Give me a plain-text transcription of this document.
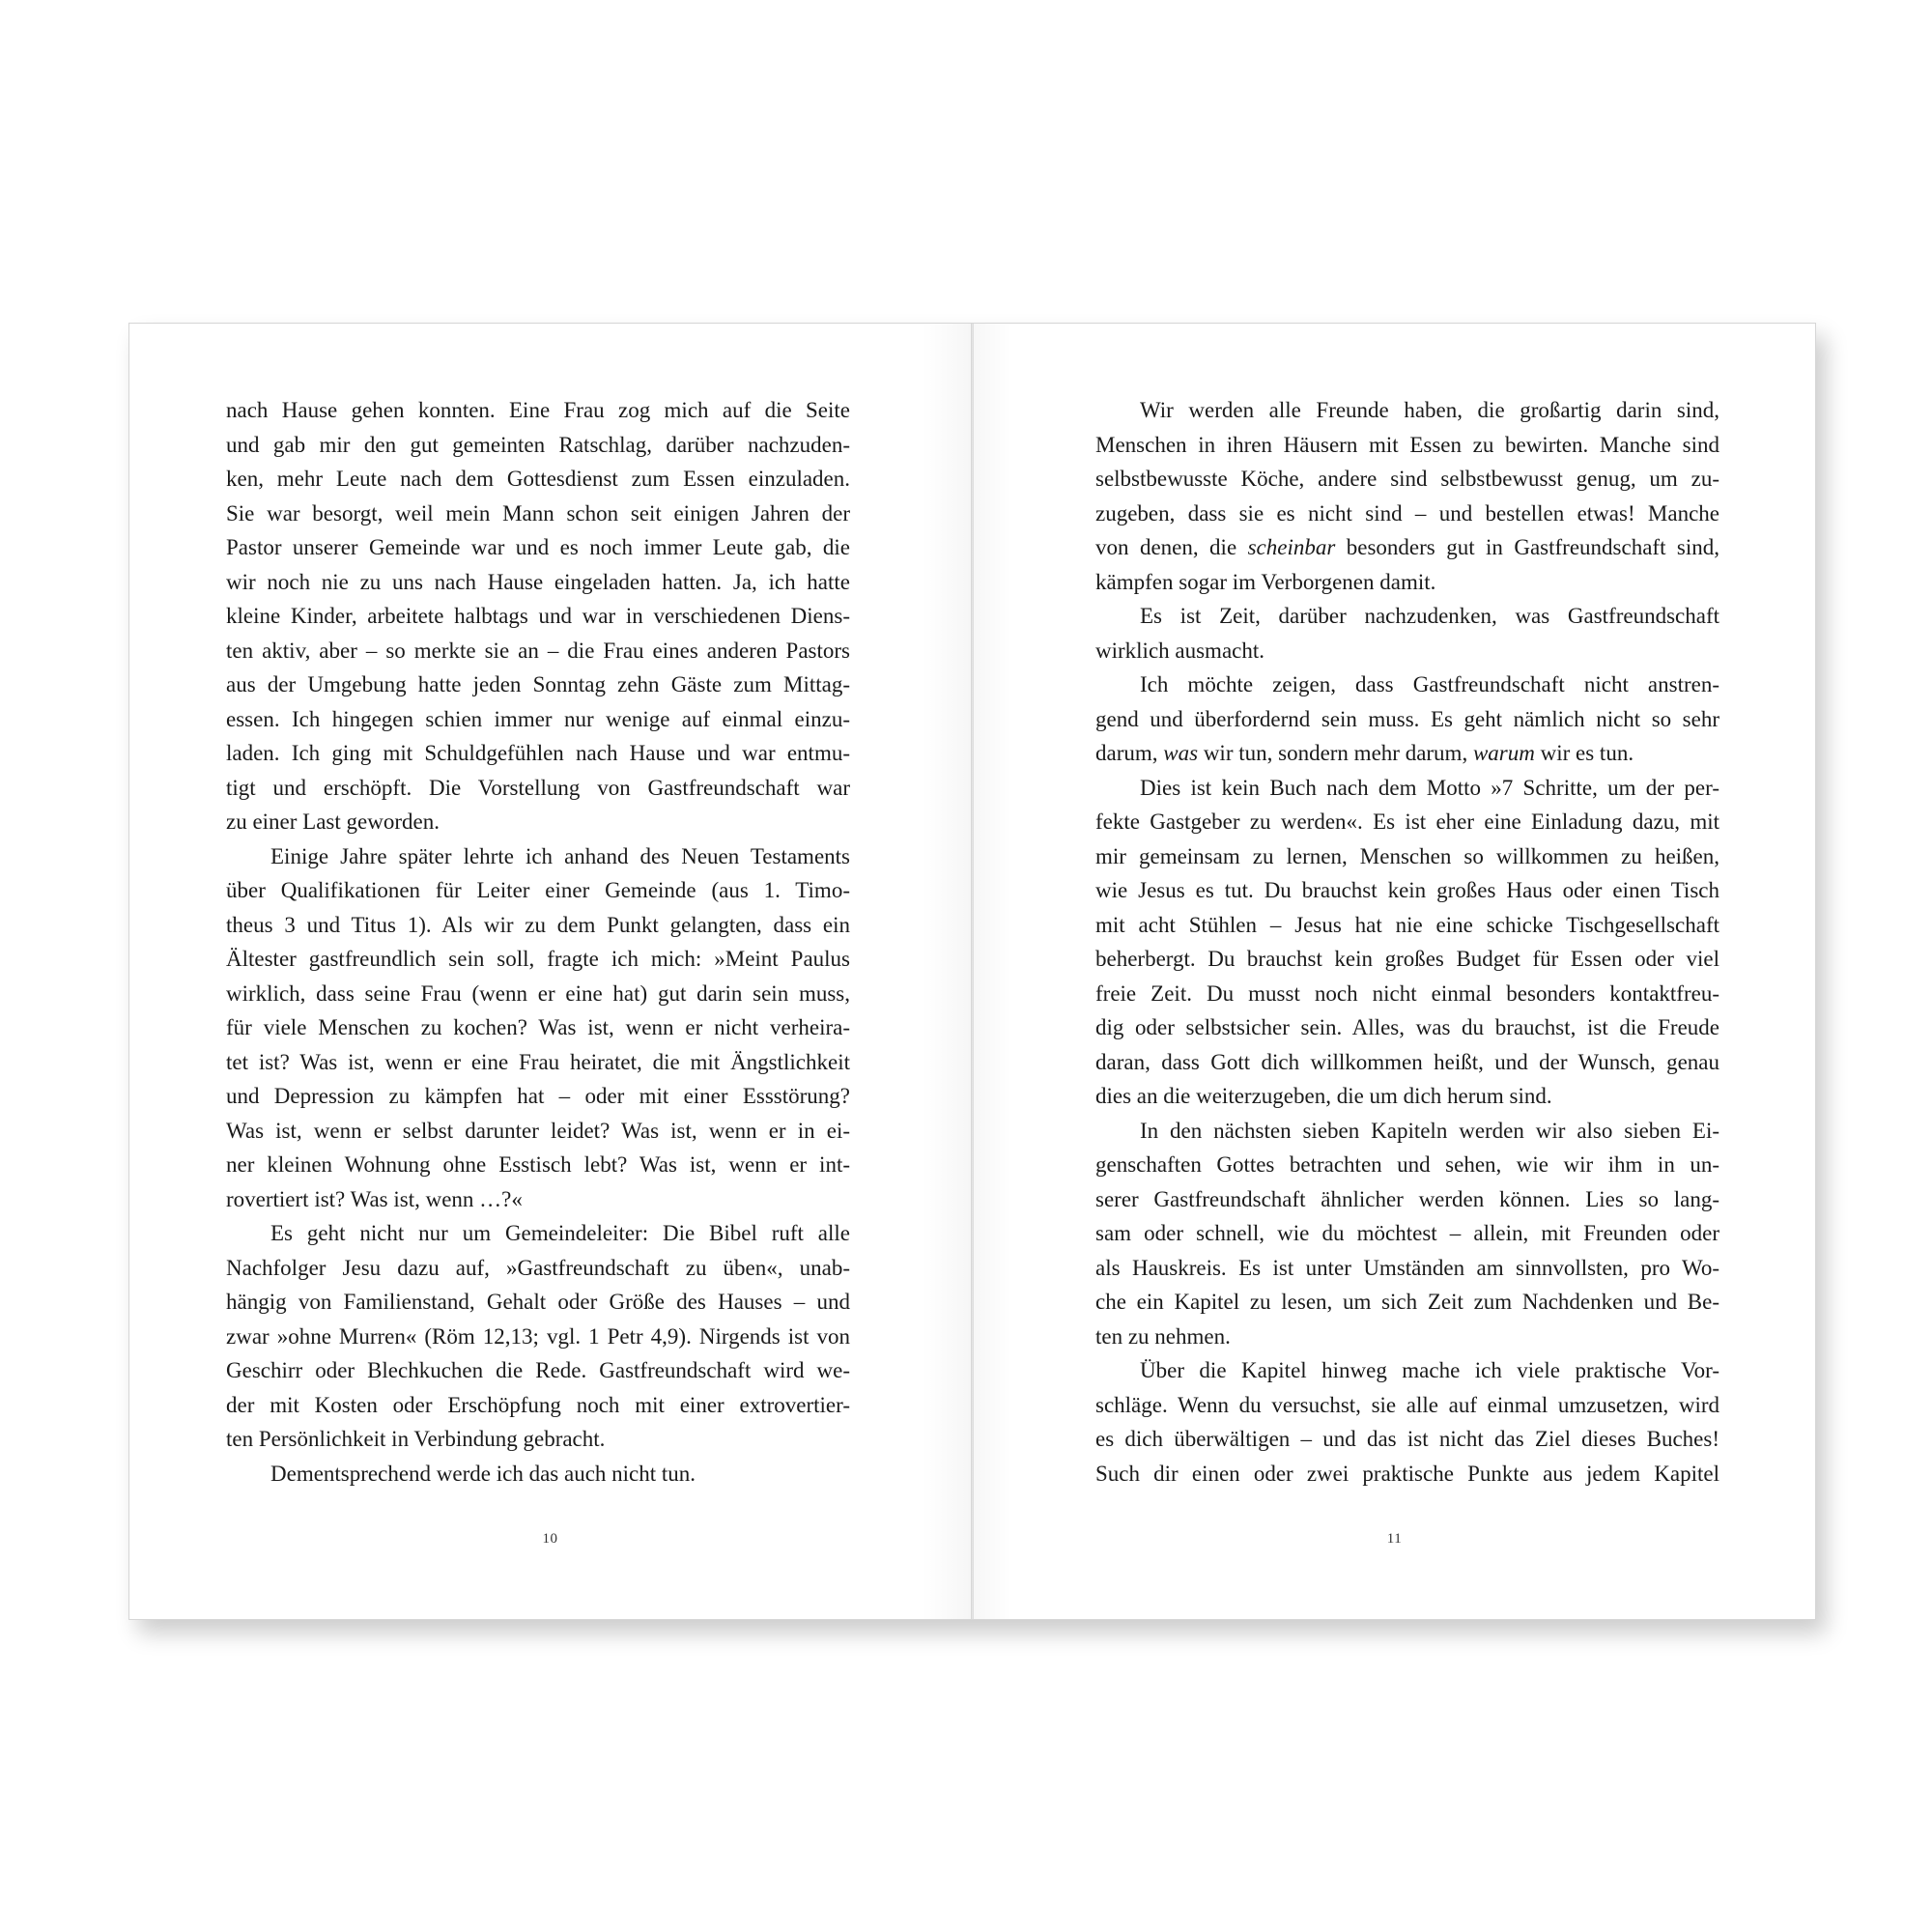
nach Hause gehen konnten. Eine Frau zog mich auf die Seite
und gab mir den gut gemeinten Ratschlag, darüber nachzuden-
ken, mehr Leute nach dem Gottesdienst zum Essen einzuladen.
Sie war besorgt, weil mein Mann schon seit einigen Jahren der
Pastor unserer Gemeinde war und es noch immer Leute gab, die
wir noch nie zu uns nach Hause eingeladen hatten. Ja, ich hatte
kleine Kinder, arbeitete halbtags und war in verschiedenen Diens-
ten aktiv, aber – so merkte sie an – die Frau eines anderen Pastors
aus der Umgebung hatte jeden Sonntag zehn Gäste zum Mittag-
essen. Ich hingegen schien immer nur wenige auf einmal einzu-
laden. Ich ging mit Schuldgefühlen nach Hause und war entmu-
tigt und erschöpft. Die Vorstellung von Gastfreundschaft war
zu einer Last geworden.
Einige Jahre später lehrte ich anhand des Neuen Testaments
über Qualifikationen für Leiter einer Gemeinde (aus 1. Timo-
theus 3 und Titus 1). Als wir zu dem Punkt gelangten, dass ein
Ältester gastfreundlich sein soll, fragte ich mich: »Meint Paulus
wirklich, dass seine Frau (wenn er eine hat) gut darin sein muss,
für viele Menschen zu kochen? Was ist, wenn er nicht verheira-
tet ist? Was ist, wenn er eine Frau heiratet, die mit Ängstlichkeit
und Depression zu kämpfen hat – oder mit einer Essstörung?
Was ist, wenn er selbst darunter leidet? Was ist, wenn er in ei-
ner kleinen Wohnung ohne Esstisch lebt? Was ist, wenn er int-
rovertiert ist? Was ist, wenn …?«
Es geht nicht nur um Gemeindeleiter: Die Bibel ruft alle
Nachfolger Jesu dazu auf, »Gastfreundschaft zu üben«, unab-
hängig von Familienstand, Gehalt oder Größe des Hauses – und
zwar »ohne Murren« (Röm 12,13; vgl. 1 Petr 4,9). Nirgends ist von
Geschirr oder Blechkuchen die Rede. Gastfreundschaft wird we-
der mit Kosten oder Erschöpfung noch mit einer extrovertier-
ten Persönlichkeit in Verbindung gebracht.
Dementsprechend werde ich das auch nicht tun.
10
Wir werden alle Freunde haben, die großartig darin sind,
Menschen in ihren Häusern mit Essen zu bewirten. Manche sind
selbstbewusste Köche, andere sind selbstbewusst genug, um zu-
zugeben, dass sie es nicht sind – und bestellen etwas! Manche
von denen, die scheinbar besonders gut in Gastfreundschaft sind,
kämpfen sogar im Verborgenen damit.
Es ist Zeit, darüber nachzudenken, was Gastfreundschaft
wirklich ausmacht.
Ich möchte zeigen, dass Gastfreundschaft nicht anstren-
gend und überfordernd sein muss. Es geht nämlich nicht so sehr
darum, was wir tun, sondern mehr darum, warum wir es tun.
Dies ist kein Buch nach dem Motto »7 Schritte, um der per-
fekte Gastgeber zu werden«. Es ist eher eine Einladung dazu, mit
mir gemeinsam zu lernen, Menschen so willkommen zu heißen,
wie Jesus es tut. Du brauchst kein großes Haus oder einen Tisch
mit acht Stühlen – Jesus hat nie eine schicke Tischgesellschaft
beherbergt. Du brauchst kein großes Budget für Essen oder viel
freie Zeit. Du musst noch nicht einmal besonders kontaktfreu-
dig oder selbstsicher sein. Alles, was du brauchst, ist die Freude
daran, dass Gott dich willkommen heißt, und der Wunsch, genau
dies an die weiterzugeben, die um dich herum sind.
In den nächsten sieben Kapiteln werden wir also sieben Ei-
genschaften Gottes betrachten und sehen, wie wir ihm in un-
serer Gastfreundschaft ähnlicher werden können. Lies so lang-
sam oder schnell, wie du möchtest – allein, mit Freunden oder
als Hauskreis. Es ist unter Umständen am sinnvollsten, pro Wo-
che ein Kapitel zu lesen, um sich Zeit zum Nachdenken und Be-
ten zu nehmen.
Über die Kapitel hinweg mache ich viele praktische Vor-
schläge. Wenn du versuchst, sie alle auf einmal umzusetzen, wird
es dich überwältigen – und das ist nicht das Ziel dieses Buches!
Such dir einen oder zwei praktische Punkte aus jedem Kapitel
11
